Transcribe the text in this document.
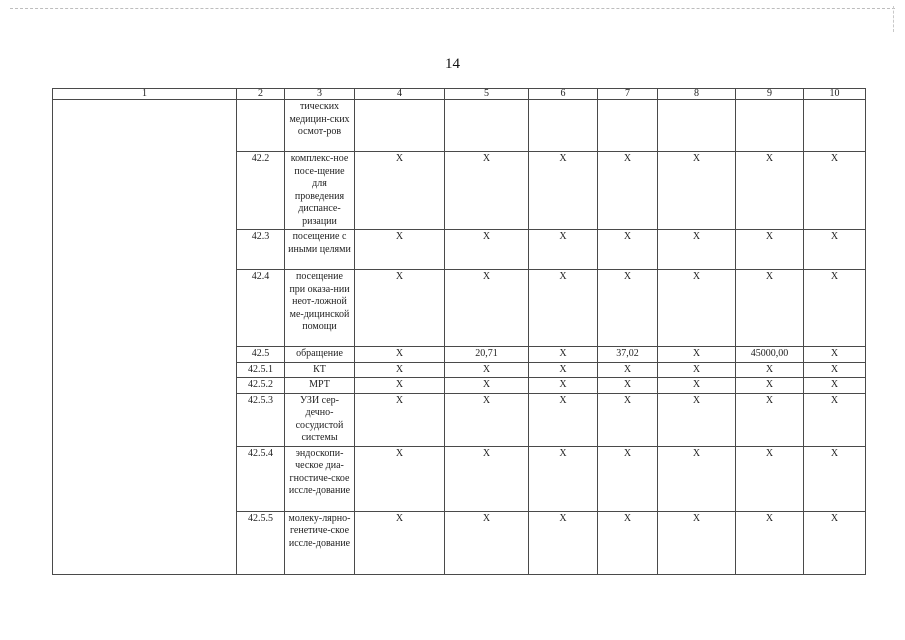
14
1	2	3	4	5	6	7	8	9	10
		тических медицин-ских осмот-ров							
	42.2	комплекс-ное посе-щение для проведения диспансе-ризации	X	X	X	X	X	X	X
	42.3	посещение с иными целями	X	X	X	X	X	X	X
	42.4	посещение при оказа-нии неот-ложной ме-дицинской помощи	X	X	X	X	X	X	X
	42.5	обращение	X	20,71	X	37,02	X	45000,00	X
	42.5.1	КТ	X	X	X	X	X	X	X
	42.5.2	МРТ	X	X	X	X	X	X	X
	42.5.3	УЗИ сер-дечно-сосудистой системы	X	X	X	X	X	X	X
	42.5.4	эндоскопи-ческое диа-гностиче-ское иссле-дование	X	X	X	X	X	X	X
	42.5.5	молеку-лярно-генетиче-ское иссле-дование	X	X	X	X	X	X	X
